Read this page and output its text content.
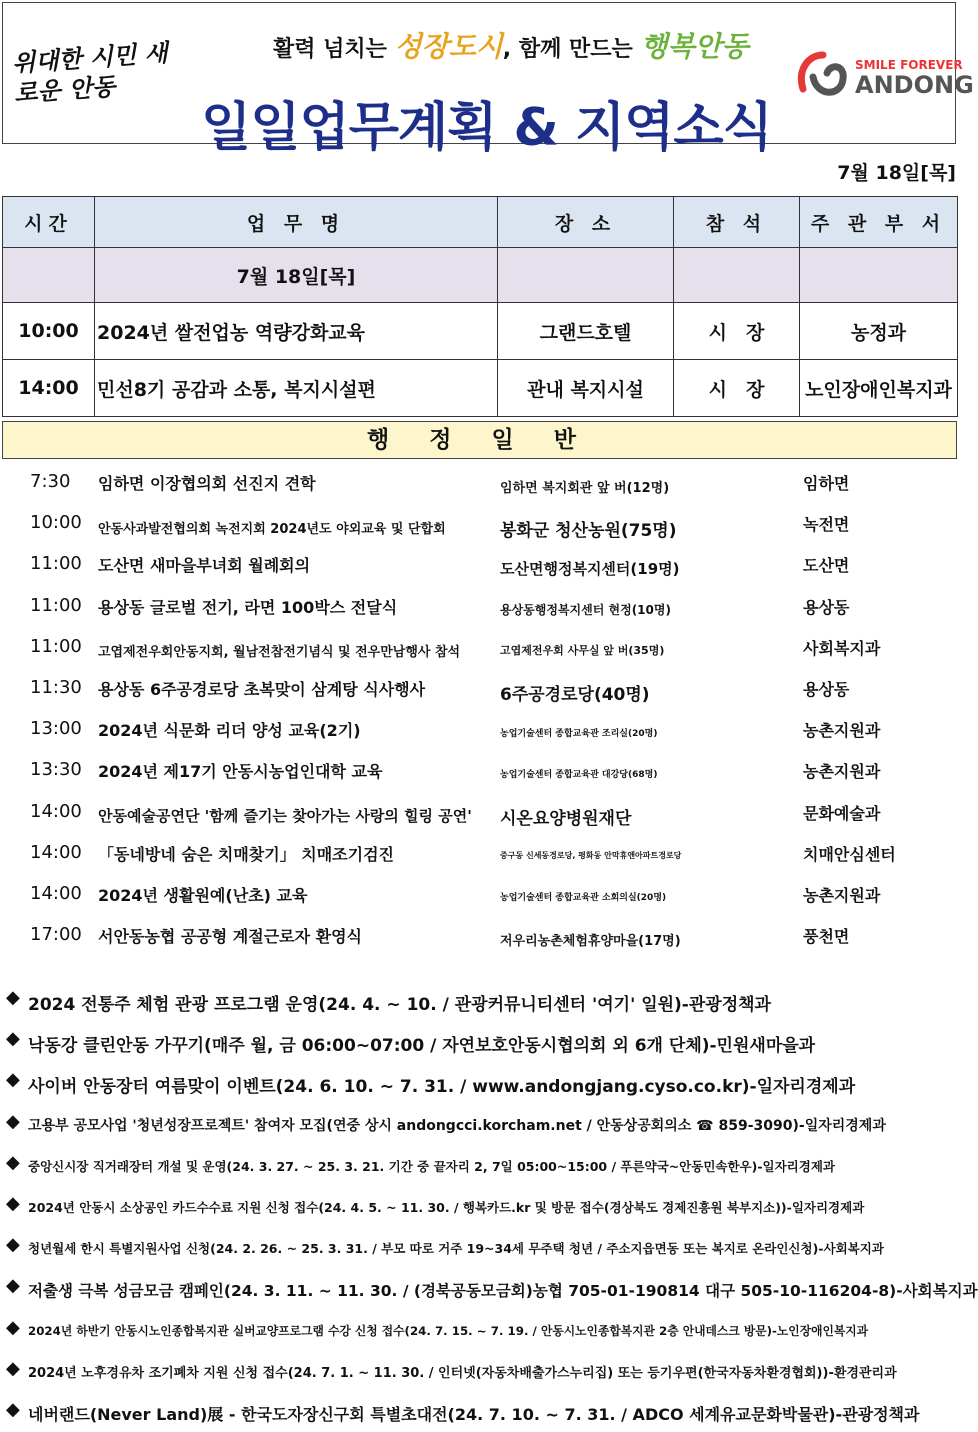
위대한 시민 새로운 안동
활력 넘치는 성장도시, 함께 만드는 행복안동
일일업무계획 & 지역소식
SMILE FOREVER
ANDONG
7월 18일[목]
시간	업 무 명	장 소	참 석	주 관 부 서
	7월 18일[목]			
10:00	2024년 쌀전업농 역량강화교육	그랜드호텔	시　장	농정과
14:00	민선8기 공감과 소통, 복지시설편	관내 복지시설	시　장	노인장애인복지과
행 정 일 반
7:30	임하면 이장협의회 선진지 견학	임하면 복지회관 앞 버(12명)	임하면
10:00	안동사과발전협의회 녹전지회 2024년도 야외교육 및 단합회	봉화군 청산농원(75명)	녹전면
11:00	도산면 새마을부녀회 월례회의	도산면행정복지센터(19명)	도산면
11:00	용상동 글로벌 전기, 라면 100박스 전달식	용상동행정복지센터 현정(10명)	용상동
11:00	고엽제전우회안동지회, 월남전참전기념식 및 전우만남행사 참석	고엽제전우회 사무실 앞 버(35명)	사회복지과
11:30	용상동 6주공경로당 초복맞이 삼계탕 식사행사	6주공경로당(40명)	용상동
13:00	2024년 식문화 리더 양성 교육(2기)	농업기술센터 종합교육관 조리실(20명)	농촌지원과
13:30	2024년 제17기 안동시농업인대학 교육	농업기술센터 종합교육관 대강당(68명)	농촌지원과
14:00	안동예술공연단 '함께 즐기는 찾아가는 사랑의 힐링 공연'	시온요양병원재단	문화예술과
14:00	「동네방네 숨은 치매찾기」 치매조기검진	중구동 신세동경로당, 평화동 안막휴앤아파트경로당	치매안심센터
14:00	2024년 생활원예(난초) 교육	농업기술센터 종합교육관 소회의실(20명)	농촌지원과
17:00	서안동농협 공공형 계절근로자 환영식	저우리농촌체험휴양마을(17명)	풍천면
◆ 2024 전통주 체험 관광 프로그램 운영(24. 4. ~ 10. / 관광커뮤니티센터 '여기' 일원)-관광정책과
◆ 낙동강 클린안동 가꾸기(매주 월, 금 06:00~07:00 / 자연보호안동시협의회 외 6개 단체)-민원새마을과
◆ 사이버 안동장터 여름맞이 이벤트(24. 6. 10. ~ 7. 31. / www.andongjang.cyso.co.kr)-일자리경제과
◆ 고용부 공모사업 '청년성장프로젝트' 참여자 모집(연중 상시 andongcci.korcham.net / 안동상공회의소 ☎ 859-3090)-일자리경제과
◆ 중앙신시장 직거래장터 개설 및 운영(24. 3. 27. ~ 25. 3. 21. 기간 중 끝자리 2, 7일 05:00~15:00 / 푸른약국~안동민속한우)-일자리경제과
◆ 2024년 안동시 소상공인 카드수수료 지원 신청 접수(24. 4. 5. ~ 11. 30. / 행복카드.kr 및 방문 접수(경상북도 경제진흥원 북부지소))-일자리경제과
◆ 청년월세 한시 특별지원사업 신청(24. 2. 26. ~ 25. 3. 31. / 부모 따로 거주 19~34세 무주택 청년 / 주소지읍면동 또는 복지로 온라인신청)-사회복지과
◆ 저출생 극복 성금모금 캠페인(24. 3. 11. ~ 11. 30. / (경북공동모금회)농협 705-01-190814 대구 505-10-116204-8)-사회복지과
◆ 2024년 하반기 안동시노인종합복지관 실버교양프로그램 수강 신청 접수(24. 7. 15. ~ 7. 19. / 안동시노인종합복지관 2층 안내데스크 방문)-노인장애인복지과
◆ 2024년 노후경유차 조기폐차 지원 신청 접수(24. 7. 1. ~ 11. 30. / 인터넷(자동차배출가스누리집) 또는 등기우편(한국자동차환경협회))-환경관리과
◆ 네버랜드(Never Land)展 - 한국도자장신구회 특별초대전(24. 7. 10. ~ 7. 31. / ADCO 세계유교문화박물관)-관광정책과
